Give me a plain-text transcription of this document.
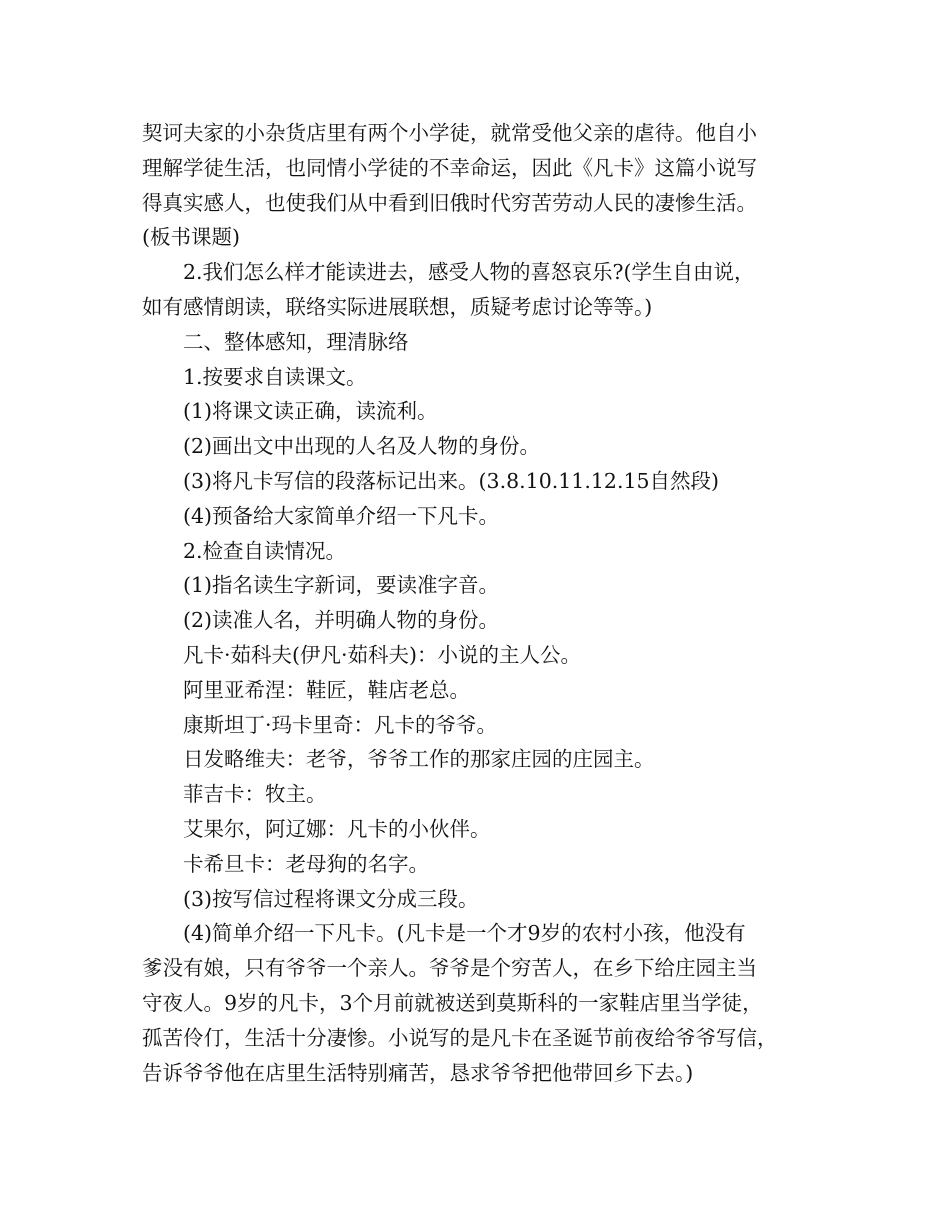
契诃夫家的小杂货店里有两个小学徒，就常受他父亲的虐待。他自小
理解学徒生活，也同情小学徒的不幸命运，因此《凡卡》这篇小说写
得真实感人，也使我们从中看到旧俄时代穷苦劳动人民的凄惨生活。
(板书课题)
2.我们怎么样才能读进去，感受人物的喜怒哀乐?(学生自由说，
如有感情朗读，联络实际进展联想，质疑考虑讨论等等。)
二、整体感知，理清脉络
1.按要求自读课文。
(1)将课文读正确，读流利。
(2)画出文中出现的人名及人物的身份。
(3)将凡卡写信的段落标记出来。(3.8.10.11.12.15自然段)
(4)预备给大家简单介绍一下凡卡。
2.检查自读情况。
(1)指名读生字新词，要读准字音。
(2)读准人名，并明确人物的身份。
凡卡·茹科夫(伊凡·茹科夫)：小说的主人公。
阿里亚希涅：鞋匠，鞋店老总。
康斯坦丁·玛卡里奇：凡卡的爷爷。
日发略维夫：老爷，爷爷工作的那家庄园的庄园主。
菲吉卡：牧主。
艾果尔，阿辽娜：凡卡的小伙伴。
卡希旦卡：老母狗的名字。
(3)按写信过程将课文分成三段。
(4)简单介绍一下凡卡。(凡卡是一个才9岁的农村小孩，他没有
爹没有娘，只有爷爷一个亲人。爷爷是个穷苦人，在乡下给庄园主当
守夜人。9岁的凡卡，3个月前就被送到莫斯科的一家鞋店里当学徒，
孤苦伶仃，生活十分凄惨。小说写的是凡卡在圣诞节前夜给爷爷写信，
告诉爷爷他在店里生活特别痛苦，恳求爷爷把他带回乡下去。)
